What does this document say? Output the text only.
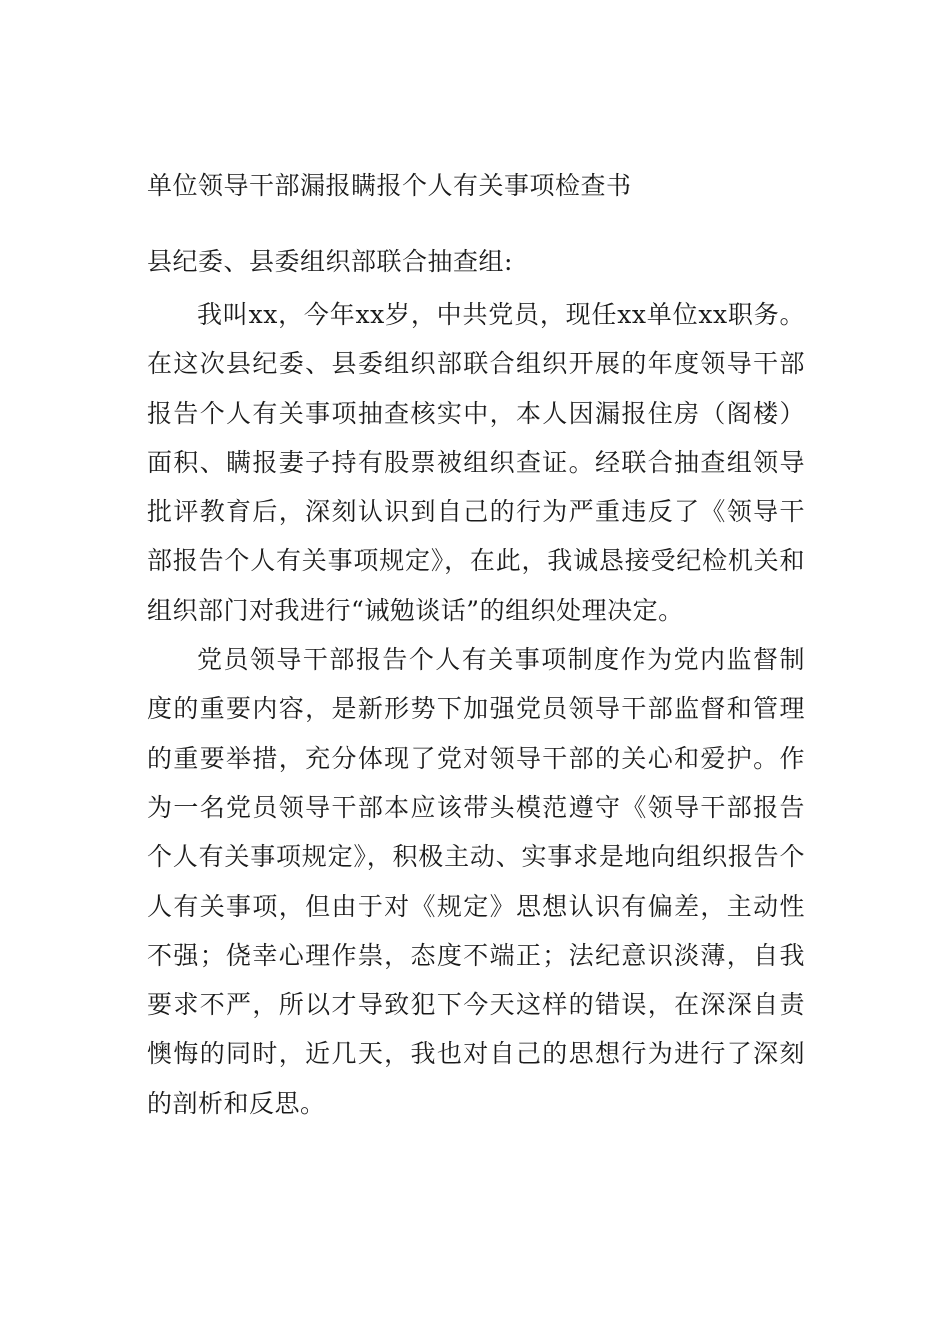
单位领导干部漏报瞒报个人有关事项检查书

县纪委、县委组织部联合抽查组:

我叫xx，今年xx岁，中共党员，现任xx单位xx职务。在这次县纪委、县委组织部联合组织开展的年度领导干部报告个人有关事项抽查核实中，本人因漏报住房（阁楼）面积、瞒报妻子持有股票被组织查证。经联合抽查组领导批评教育后，深刻认识到自己的行为严重违反了《领导干部报告个人有关事项规定》，在此，我诚恳接受纪检机关和组织部门对我进行“诫勉谈话”的组织处理决定。

党员领导干部报告个人有关事项制度作为党内监督制度的重要内容，是新形势下加强党员领导干部监督和管理的重要举措，充分体现了党对领导干部的关心和爱护。作为一名党员领导干部本应该带头模范遵守《领导干部报告个人有关事项规定》，积极主动、实事求是地向组织报告个人有关事项，但由于对《规定》思想认识有偏差，主动性不强；侥幸心理作祟，态度不端正；法纪意识淡薄，自我要求不严，所以才导致犯下今天这样的错误，在深深自责懊悔的同时，近几天，我也对自己的思想行为进行了深刻的剖析和反思。
